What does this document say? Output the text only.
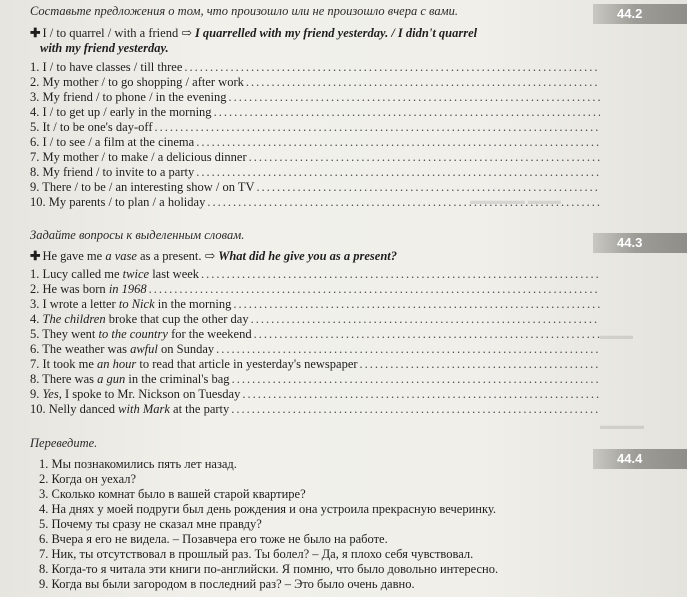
▬▬▬▬▬ ▬▬▬
▬▬▬
▬▬▬▬
44.2

Составьте предложения о том, что произошло или не произошло вчера с вами.

✚ I / to quarrel / with a friend ⇨ I quarrelled with my friend yesterday. / I didn't quarrel
with my friend yesterday.

1. I / to have classes / till three
.....
2. My mother / to go shopping / after work
.....
3. My friend / to phone / in the evening
.....
4. I / to get up / early in the morning
.....
5. It / to be one's day-off
.....
6. I / to see / a film at the cinema
.....
7. My mother / to make / a delicious dinner
.....
8. My friend / to invite to a party
.....
9. There / to be / an interesting show / on TV
.....
10. My parents / to plan / a holiday
.....
44.3

Задайте вопросы к выделенным словам.

✚ He gave me a vase as a present. ⇨ What did he give you as a present?

1. Lucy called me twice last week
.....
2. He was born in 1968
.....
3. I wrote a letter to Nick in the morning
.....
4. The children broke that cup the other day
.....
5. They went to the country for the weekend
.....
6. The weather was awful on Sunday
.....
7. It took me an hour to read that article in yesterday's newspaper
.....
8. There was a gun in the criminal's bag
.....
9. Yes, I spoke to Mr. Nickson on Tuesday
.....
10. Nelly danced with Mark at the party
.....
44.4

Переведите.

1. Мы познакомились пять лет назад.
2. Когда он уехал?
3. Сколько комнат было в вашей старой квартире?
4. На днях у моей подруги был день рождения и она устроила прекрасную вечеринку.
5. Почему ты сразу не сказал мне правду?
6. Вчера я его не видела. – Позавчера его тоже не было на работе.
7. Ник, ты отсутствовал в прошлый раз. Ты болел? – Да, я плохо себя чувствовал.
8. Когда-то я читала эти книги по-английски. Я помню, что было довольно интересно.
9. Когда вы были загородом в последний раз? – Это было очень давно.
